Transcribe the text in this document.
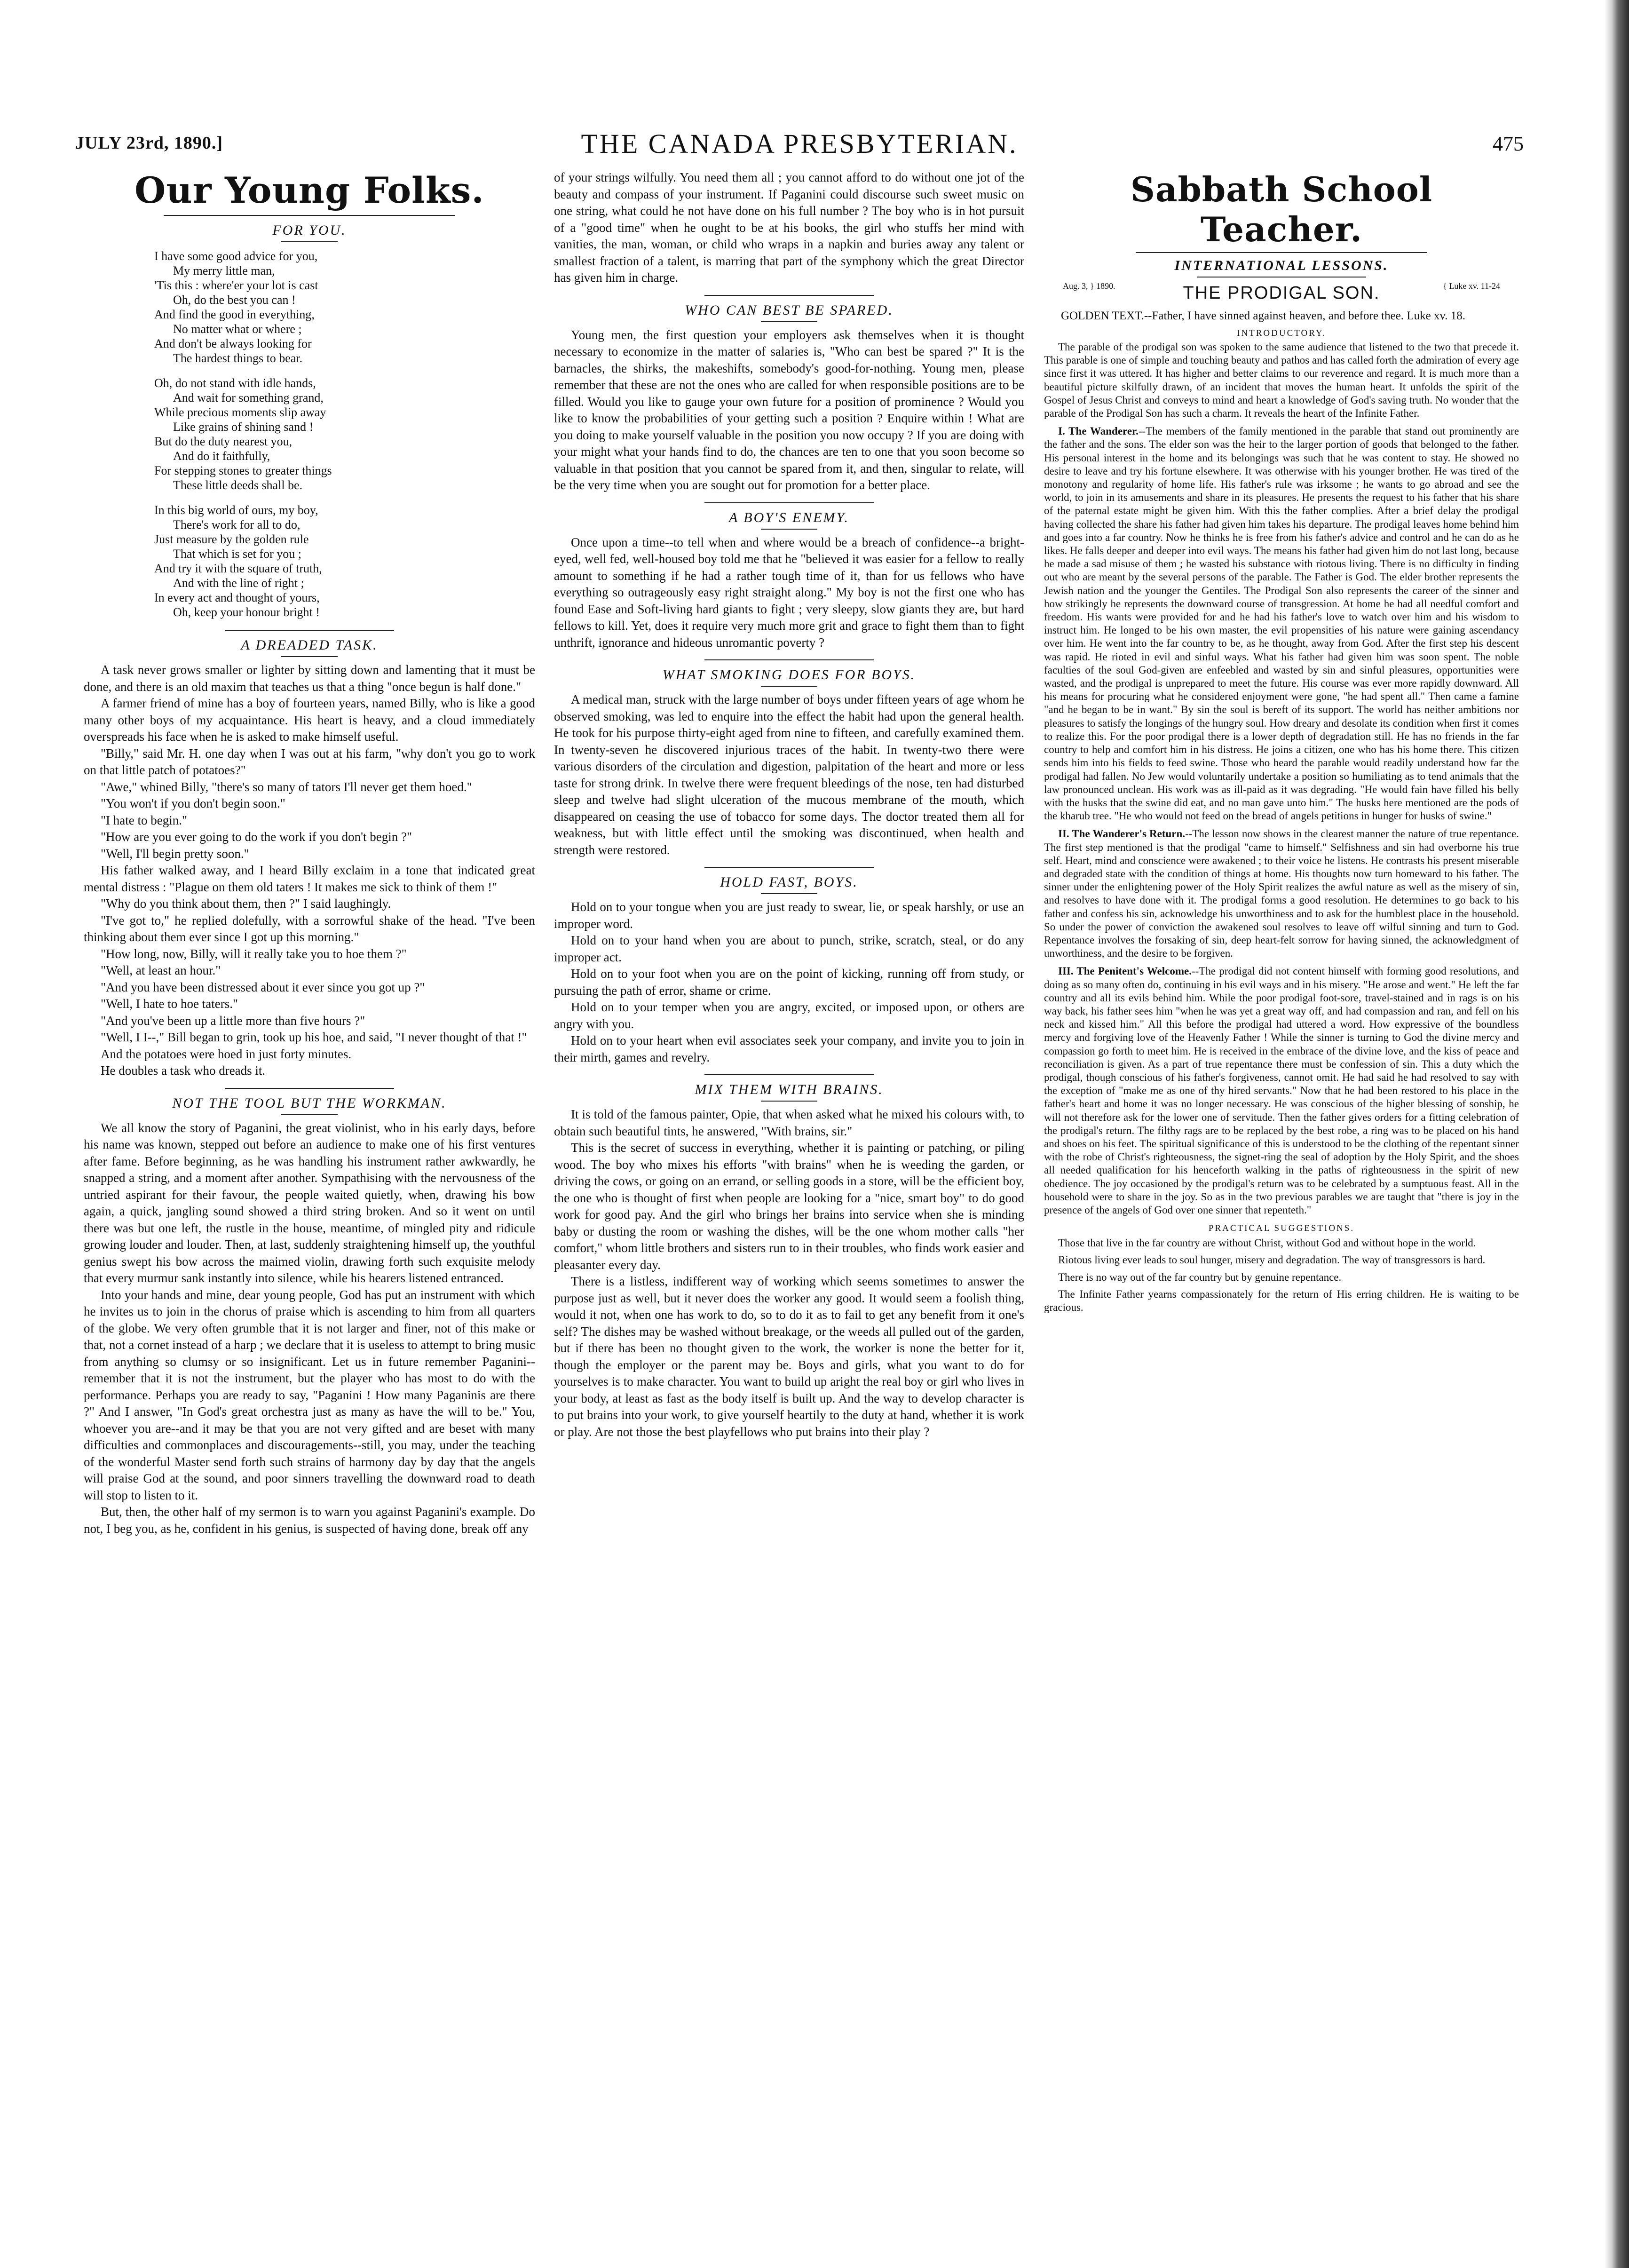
JULY 23rd, 1890.]	THE CANADA PRESBYTERIAN.	475
Our Young Folks.
FOR YOU.
I have some good advice for you,
My merry little man,
'Tis this : where'er your lot is cast
Oh, do the best you can !
And find the good in everything,
No matter what or where ;
And don't be always looking for
The hardest things to bear.
Oh, do not stand with idle hands,
And wait for something grand,
While precious moments slip away
Like grains of shining sand !
But do the duty nearest you,
And do it faithfully,
For stepping stones to greater things
These little deeds shall be.
In this big world of ours, my boy,
There's work for all to do,
Just measure by the golden rule
That which is set for you ;
And try it with the square of truth,
And with the line of right ;
In every act and thought of yours,
Oh, keep your honour bright !
A DREADED TASK.

A task never grows smaller or lighter by sitting down and lamenting that it must be done, and there is an old maxim that teaches us that a thing "once begun is half done."

A farmer friend of mine has a boy of fourteen years, named Billy, who is like a good many other boys of my acquaintance. His heart is heavy, and a cloud immediately overspreads his face when he is asked to make himself useful.

"Billy," said Mr. H. one day when I was out at his farm, "why don't you go to work on that little patch of potatoes?"

"Awe," whined Billy, "there's so many of tators I'll never get them hoed."

"You won't if you don't begin soon."

"I hate to begin."

"How are you ever going to do the work if you don't begin ?"

"Well, I'll begin pretty soon."

His father walked away, and I heard Billy exclaim in a tone that indicated great mental distress : "Plague on them old taters ! It makes me sick to think of them !"

"Why do you think about them, then ?" I said laughingly.

"I've got to," he replied dolefully, with a sorrowful shake of the head. "I've been thinking about them ever since I got up this morning."

"How long, now, Billy, will it really take you to hoe them ?"

"Well, at least an hour."

"And you have been distressed about it ever since you got up ?"

"Well, I hate to hoe taters."

"And you've been up a little more than five hours ?"

"Well, I I--," Bill began to grin, took up his hoe, and said, "I never thought of that !"

And the potatoes were hoed in just forty minutes.

He doubles a task who dreads it.

NOT THE TOOL BUT THE WORKMAN.

We all know the story of Paganini, the great violinist, who in his early days, before his name was known, stepped out before an audience to make one of his first ventures after fame. Before beginning, as he was handling his instrument rather awkwardly, he snapped a string, and a moment after another. Sympathising with the nervousness of the untried aspirant for their favour, the people waited quietly, when, drawing his bow again, a quick, jangling sound showed a third string broken. And so it went on until there was but one left, the rustle in the house, meantime, of mingled pity and ridicule growing louder and louder. Then, at last, suddenly straightening himself up, the youthful genius swept his bow across the maimed violin, drawing forth such exquisite melody that every murmur sank instantly into silence, while his hearers listened entranced.

Into your hands and mine, dear young people, God has put an instrument with which he invites us to join in the chorus of praise which is ascending to him from all quarters of the globe. We very often grumble that it is not larger and finer, not of this make or that, not a cornet instead of a harp ; we declare that it is useless to attempt to bring music from anything so clumsy or so insignificant. Let us in future remember Paganini--remember that it is not the instrument, but the player who has most to do with the performance. Perhaps you are ready to say, "Paganini ! How many Paganinis are there ?" And I answer, "In God's great orchestra just as many as have the will to be." You, whoever you are--and it may be that you are not very gifted and are beset with many difficulties and commonplaces and discouragements--still, you may, under the teaching of the wonderful Master send forth such strains of harmony day by day that the angels will praise God at the sound, and poor sinners travelling the downward road to death will stop to listen to it.

But, then, the other half of my sermon is to warn you against Paganini's example. Do not, I beg you, as he, confident in his genius, is suspected of having done, break off any

of your strings wilfully. You need them all ; you cannot afford to do without one jot of the beauty and compass of your instrument. If Paganini could discourse such sweet music on one string, what could he not have done on his full number ? The boy who is in hot pursuit of a "good time" when he ought to be at his books, the girl who stuffs her mind with vanities, the man, woman, or child who wraps in a napkin and buries away any talent or smallest fraction of a talent, is marring that part of the symphony which the great Director has given him in charge.

WHO CAN BEST BE SPARED.

Young men, the first question your employers ask themselves when it is thought necessary to economize in the matter of salaries is, "Who can best be spared ?" It is the barnacles, the shirks, the makeshifts, somebody's good-for-nothing. Young men, please remember that these are not the ones who are called for when responsible positions are to be filled. Would you like to gauge your own future for a position of prominence ? Would you like to know the probabilities of your getting such a position ? Enquire within ! What are you doing to make yourself valuable in the position you now occupy ? If you are doing with your might what your hands find to do, the chances are ten to one that you soon become so valuable in that position that you cannot be spared from it, and then, singular to relate, will be the very time when you are sought out for promotion for a better place.

A BOY'S ENEMY.

Once upon a time--to tell when and where would be a breach of confidence--a bright-eyed, well fed, well-housed boy told me that he "believed it was easier for a fellow to really amount to something if he had a rather tough time of it, than for us fellows who have everything so outrageously easy right straight along." My boy is not the first one who has found Ease and Soft-living hard giants to fight ; very sleepy, slow giants they are, but hard fellows to kill. Yet, does it require very much more grit and grace to fight them than to fight unthrift, ignorance and hideous unromantic poverty ?

WHAT SMOKING DOES FOR BOYS.

A medical man, struck with the large number of boys under fifteen years of age whom he observed smoking, was led to enquire into the effect the habit had upon the general health. He took for his purpose thirty-eight aged from nine to fifteen, and carefully examined them. In twenty-seven he discovered injurious traces of the habit. In twenty-two there were various disorders of the circulation and digestion, palpitation of the heart and more or less taste for strong drink. In twelve there were frequent bleedings of the nose, ten had disturbed sleep and twelve had slight ulceration of the mucous membrane of the mouth, which disappeared on ceasing the use of tobacco for some days. The doctor treated them all for weakness, but with little effect until the smoking was discontinued, when health and strength were restored.

HOLD FAST, BOYS.

Hold on to your tongue when you are just ready to swear, lie, or speak harshly, or use an improper word.

Hold on to your hand when you are about to punch, strike, scratch, steal, or do any improper act.

Hold on to your foot when you are on the point of kicking, running off from study, or pursuing the path of error, shame or crime.

Hold on to your temper when you are angry, excited, or imposed upon, or others are angry with you.

Hold on to your heart when evil associates seek your company, and invite you to join in their mirth, games and revelry.

MIX THEM WITH BRAINS.

It is told of the famous painter, Opie, that when asked what he mixed his colours with, to obtain such beautiful tints, he answered, "With brains, sir."

This is the secret of success in everything, whether it is painting or patching, or piling wood. The boy who mixes his efforts "with brains" when he is weeding the garden, or driving the cows, or going on an errand, or selling goods in a store, will be the efficient boy, the one who is thought of first when people are looking for a "nice, smart boy" to do good work for good pay. And the girl who brings her brains into service when she is minding baby or dusting the room or washing the dishes, will be the one whom mother calls "her comfort," whom little brothers and sisters run to in their troubles, who finds work easier and pleasanter every day.

There is a listless, indifferent way of working which seems sometimes to answer the purpose just as well, but it never does the worker any good. It would seem a foolish thing, would it not, when one has work to do, so to do it as to fail to get any benefit from it one's self? The dishes may be washed without breakage, or the weeds all pulled out of the garden, but if there has been no thought given to the work, the worker is none the better for it, though the employer or the parent may be. Boys and girls, what you want to do for yourselves is to make character. You want to build up aright the real boy or girl who lives in your body, at least as fast as the body itself is built up. And the way to develop character is to put brains into your work, to give yourself heartily to the duty at hand, whether it is work or play. Are not those the best playfellows who put brains into their play ?

Sabbath School Teacher.
INTERNATIONAL LESSONS.
Aug. 3, } 1890.	THE PRODIGAL SON.	{ Luke xv. 11-24

GOLDEN TEXT.--Father, I have sinned against heaven, and before thee. Luke xv. 18.

INTRODUCTORY.

The parable of the prodigal son was spoken to the same audience that listened to the two that precede it. This parable is one of simple and touching beauty and pathos and has called forth the admiration of every age since first it was uttered. It has higher and better claims to our reverence and regard. It is much more than a beautiful picture skilfully drawn, of an incident that moves the human heart. It unfolds the spirit of the Gospel of Jesus Christ and conveys to mind and heart a knowledge of God's saving truth. No wonder that the parable of the Prodigal Son has such a charm. It reveals the heart of the Infinite Father.

I. The Wanderer.--The members of the family mentioned in the parable that stand out prominently are the father and the sons. The elder son was the heir to the larger portion of goods that belonged to the father. His personal interest in the home and its belongings was such that he was content to stay. He showed no desire to leave and try his fortune elsewhere. It was otherwise with his younger brother. He was tired of the monotony and regularity of home life. His father's rule was irksome ; he wants to go abroad and see the world, to join in its amusements and share in its pleasures. He presents the request to his father that his share of the paternal estate might be given him. With this the father complies. After a brief delay the prodigal having collected the share his father had given him takes his departure. The prodigal leaves home behind him and goes into a far country. Now he thinks he is free from his father's advice and control and he can do as he likes. He falls deeper and deeper into evil ways. The means his father had given him do not last long, because he made a sad misuse of them ; he wasted his substance with riotous living. There is no difficulty in finding out who are meant by the several persons of the parable. The Father is God. The elder brother represents the Jewish nation and the younger the Gentiles. The Prodigal Son also represents the career of the sinner and how strikingly he represents the downward course of transgression. At home he had all needful comfort and freedom. His wants were provided for and he had his father's love to watch over him and his wisdom to instruct him. He longed to be his own master, the evil propensities of his nature were gaining ascendancy over him. He went into the far country to be, as he thought, away from God. After the first step his descent was rapid. He rioted in evil and sinful ways. What his father had given him was soon spent. The noble faculties of the soul God-given are enfeebled and wasted by sin and sinful pleasures, opportunities were wasted, and the prodigal is unprepared to meet the future. His course was ever more rapidly downward. All his means for procuring what he considered enjoyment were gone, "he had spent all." Then came a famine "and he began to be in want." By sin the soul is bereft of its support. The world has neither ambitions nor pleasures to satisfy the longings of the hungry soul. How dreary and desolate its condition when first it comes to realize this. For the poor prodigal there is a lower depth of degradation still. He has no friends in the far country to help and comfort him in his distress. He joins a citizen, one who has his home there. This citizen sends him into his fields to feed swine. Those who heard the parable would readily understand how far the prodigal had fallen. No Jew would voluntarily undertake a position so humiliating as to tend animals that the law pronounced unclean. His work was as ill-paid as it was degrading. "He would fain have filled his belly with the husks that the swine did eat, and no man gave unto him." The husks here mentioned are the pods of the kharub tree. "He who would not feed on the bread of angels petitions in hunger for husks of swine."

II. The Wanderer's Return.--The lesson now shows in the clearest manner the nature of true repentance. The first step mentioned is that the prodigal "came to himself." Selfishness and sin had overborne his true self. Heart, mind and conscience were awakened ; to their voice he listens. He contrasts his present miserable and degraded state with the condition of things at home. His thoughts now turn homeward to his father. The sinner under the enlightening power of the Holy Spirit realizes the awful nature as well as the misery of sin, and resolves to have done with it. The prodigal forms a good resolution. He determines to go back to his father and confess his sin, acknowledge his unworthiness and to ask for the humblest place in the household. So under the power of conviction the awakened soul resolves to leave off wilful sinning and turn to God. Repentance involves the forsaking of sin, deep heart-felt sorrow for having sinned, the acknowledgment of unworthiness, and the desire to be forgiven.

III. The Penitent's Welcome.--The prodigal did not content himself with forming good resolutions, and doing as so many often do, continuing in his evil ways and in his misery. "He arose and went." He left the far country and all its evils behind him. While the poor prodigal foot-sore, travel-stained and in rags is on his way back, his father sees him "when he was yet a great way off, and had compassion and ran, and fell on his neck and kissed him." All this before the prodigal had uttered a word. How expressive of the boundless mercy and forgiving love of the Heavenly Father ! While the sinner is turning to God the divine mercy and compassion go forth to meet him. He is received in the embrace of the divine love, and the kiss of peace and reconciliation is given. As a part of true repentance there must be confession of sin. This a duty which the prodigal, though conscious of his father's forgiveness, cannot omit. He had said he had resolved to say with the exception of "make me as one of thy hired servants." Now that he had been restored to his place in the father's heart and home it was no longer necessary. He was conscious of the higher blessing of sonship, he will not therefore ask for the lower one of servitude. Then the father gives orders for a fitting celebration of the prodigal's return. The filthy rags are to be replaced by the best robe, a ring was to be placed on his hand and shoes on his feet. The spiritual significance of this is understood to be the clothing of the repentant sinner with the robe of Christ's righteousness, the signet-ring the seal of adoption by the Holy Spirit, and the shoes all needed qualification for his henceforth walking in the paths of righteousness in the spirit of new obedience. The joy occasioned by the prodigal's return was to be celebrated by a sumptuous feast. All in the household were to share in the joy. So as in the two previous parables we are taught that "there is joy in the presence of the angels of God over one sinner that repenteth."

PRACTICAL SUGGESTIONS.

Those that live in the far country are without Christ, without God and without hope in the world.

Riotous living ever leads to soul hunger, misery and degradation. The way of transgressors is hard.

There is no way out of the far country but by genuine repentance.

The Infinite Father yearns compassionately for the return of His erring children. He is waiting to be gracious.
